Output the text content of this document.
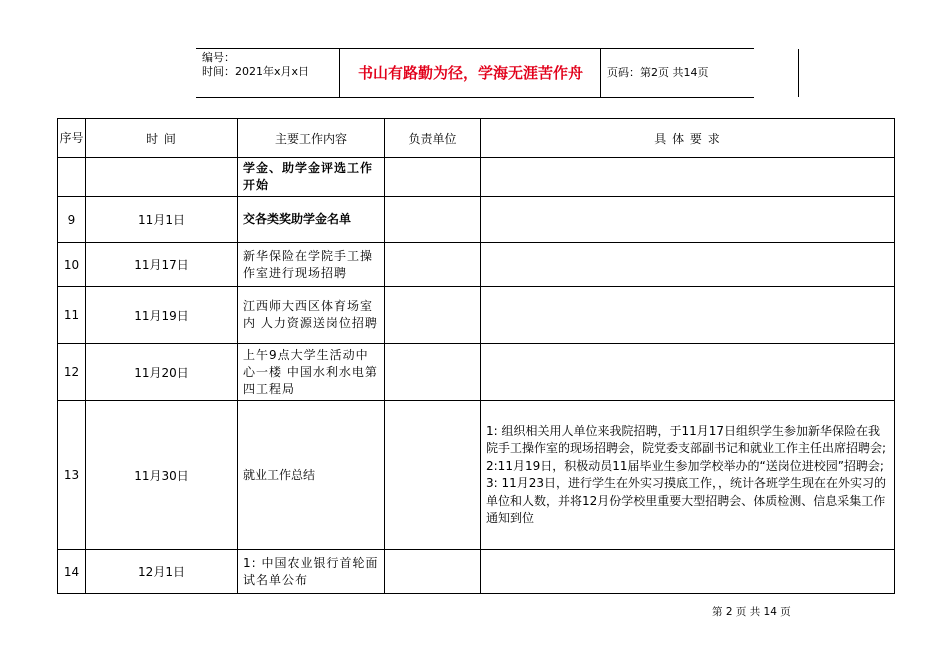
编号：
时间：2021年x月x日	书山有路勤为径，学海无涯苦作舟	页码：第2页 共14页
序号	时 间	主要工作内容	负责单位	具 体 要 求
		学金、助学金评选工作开始		
9	11月1日	交各类奖助学金名单		
10	11月17日	新华保险在学院手工操作室进行现场招聘		
11	11月19日	江西师大西区体育场室内 人力资源送岗位招聘		
12	11月20日	上午9点大学生活动中心一楼 中国水利水电第四工程局		
13	11月30日	就业工作总结		1: 组织相关用人单位来我院招聘，于11月17日组织学生参加新华保险在我院手工操作室的现场招聘会，院党委支部副书记和就业工作主任出席招聘会;

2:11月19日，积极动员11届毕业生参加学校举办的“送岗位进校园”招聘会;

3: 11月23日，进行学生在外实习摸底工作，，统计各班学生现在在外实习的单位和人数，并将12月份学校里重要大型招聘会、体质检测、信息采集工作通知到位

14	12月1日	1: 中国农业银行首轮面试名单公布		
第 2 页 共 14 页
